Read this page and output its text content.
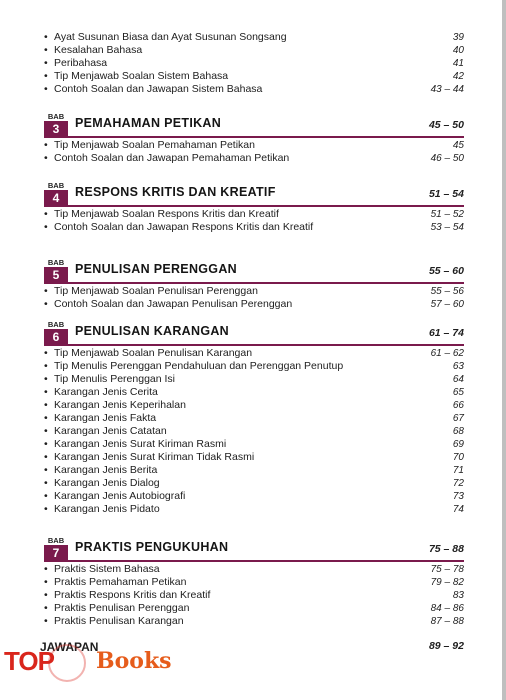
• Ayat Susunan Biasa dan Ayat Susunan Songsang	39
• Kesalahan Bahasa	40
• Peribahasa	41
• Tip Menjawab Soalan Sistem Bahasa	42
• Contoh Soalan dan Jawapan Sistem Bahasa	43 – 44
BAB
3	PEMAHAMAN PETIKAN	45 – 50
• Tip Menjawab Soalan Pemahaman Petikan	45
• Contoh Soalan dan Jawapan Pemahaman Petikan	46 – 50
BAB
4	RESPONS KRITIS DAN KREATIF	51 – 54
• Tip Menjawab Soalan Respons Kritis dan Kreatif	51 – 52
• Contoh Soalan dan Jawapan Respons Kritis dan Kreatif	53 – 54
BAB
5	PENULISAN PERENGGAN	55 – 60
• Tip Menjawab Soalan Penulisan Perenggan	55 – 56
• Contoh Soalan dan Jawapan Penulisan Perenggan	57 – 60
BAB
6	PENULISAN KARANGAN	61 – 74
• Tip Menjawab Soalan Penulisan Karangan	61 – 62
• Tip Menulis Perenggan Pendahuluan dan Perenggan Penutup	63
• Tip Menulis Perenggan Isi	64
• Karangan Jenis Cerita	65
• Karangan Jenis Keperihalan	66
• Karangan Jenis Fakta	67
• Karangan Jenis Catatan	68
• Karangan Jenis Surat Kiriman Rasmi	69
• Karangan Jenis Surat Kiriman Tidak Rasmi	70
• Karangan Jenis Berita	71
• Karangan Jenis Dialog	72
• Karangan Jenis Autobiografi	73
• Karangan Jenis Pidato	74
BAB
7	PRAKTIS PENGUKUHAN	75 – 88
• Praktis Sistem Bahasa	75 – 78
• Praktis Pemahaman Petikan	79 – 82
• Praktis Respons Kritis dan Kreatif	83
• Praktis Penulisan Perenggan	84 – 86
• Praktis Penulisan Karangan	87 – 88
JAWAPAN	89 – 92
TOP Books
